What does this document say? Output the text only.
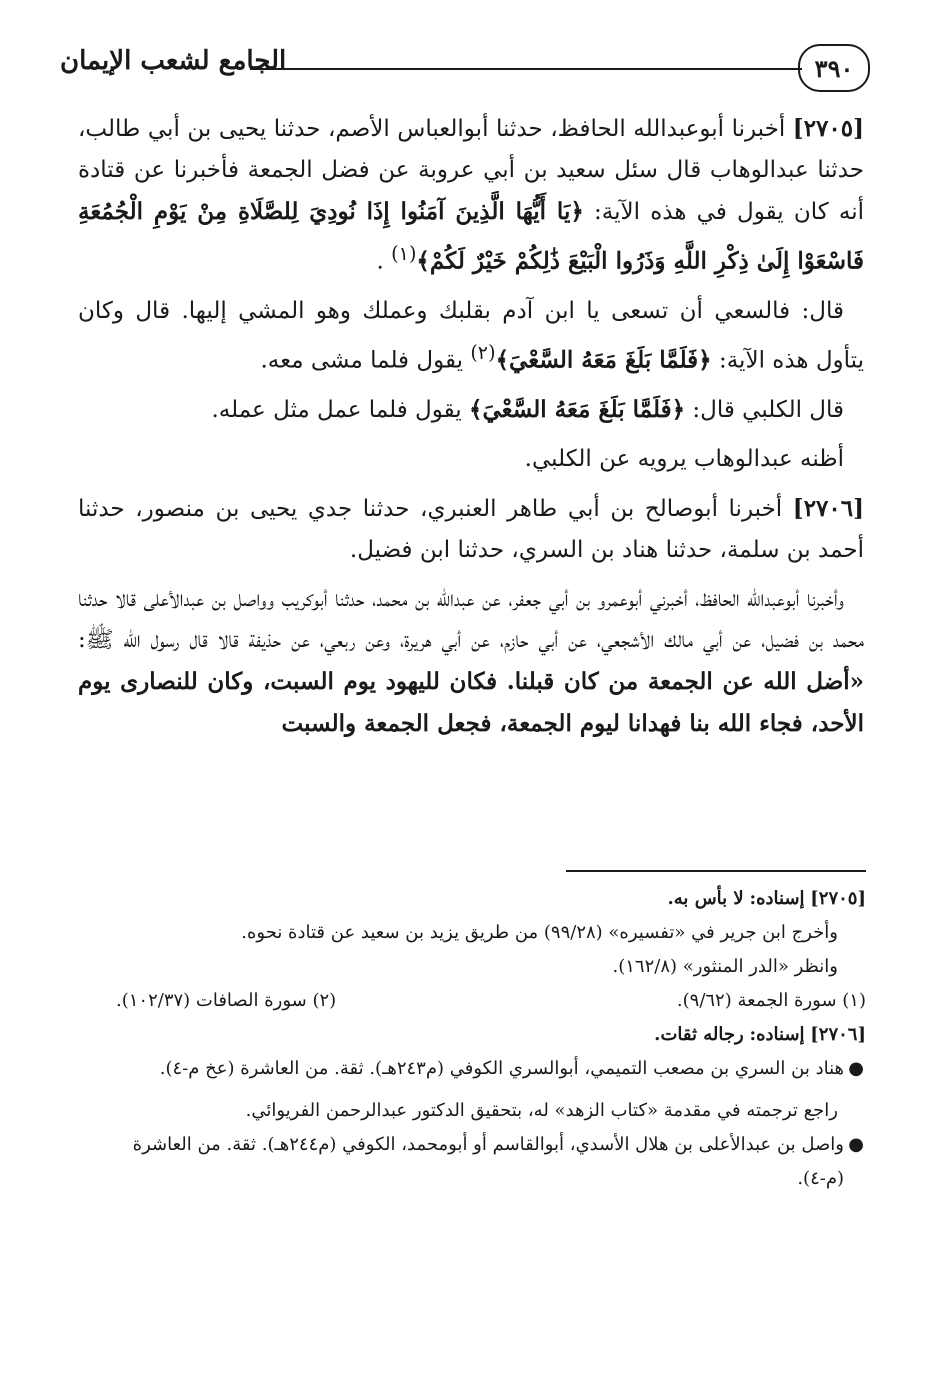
٣٩٠
الجامع لشعب الإيمان

[٢٧٠٥] أخبرنا أبوعبدالله الحافظ، حدثنا أبوالعباس الأصم، حدثنا يحيى بن أبي طالب، حدثنا عبدالوهاب قال سئل سعيد بن أبي عروبة عن فضل الجمعة فأخبرنا عن قتادة أنه كان يقول في هذه الآية: ﴿يَا أَيُّهَا الَّذِينَ آمَنُوا إِذَا نُودِيَ لِلصَّلَاةِ مِنْ يَوْمِ الْجُمُعَةِ فَاسْعَوْا إِلَىٰ ذِكْرِ اللَّهِ وَذَرُوا الْبَيْعَ ذَٰلِكُمْ خَيْرٌ لَكُمْ﴾$^{(١)}$ .

قال: فالسعي أن تسعى يا ابن آدم بقلبك وعملك وهو المشي إليها. قال وكان يتأول هذه الآية: ﴿فَلَمَّا بَلَغَ مَعَهُ السَّعْيَ﴾$^{(٢)}$ يقول فلما مشى معه.

قال الكلبي قال: ﴿فَلَمَّا بَلَغَ مَعَهُ السَّعْيَ﴾ يقول فلما عمل مثل عمله.

أظنه عبدالوهاب يرويه عن الكلبي.

[٢٧٠٦] أخبرنا أبوصالح بن أبي طاهر العنبري، حدثنا جدي يحيى بن منصور، حدثنا أحمد بن سلمة، حدثنا هناد بن السري، حدثنا ابن فضيل.

وأخبرنا أبوعبدالله الحافظ، أخبرني أبوعمرو بن أبي جعفر، عن عبدالله بن محمد، حدثنا أبوكريب وواصل بن عبدالأعلى قالا حدثنا محمد بن فضيل، عن أبي مالك الأشجعي، عن أبي حازم، عن أبي هريرة، وعن ربعي، عن حذيفة قالا قال رسول الله ﷺ: «أضل الله عن الجمعة من كان قبلنا. فكان لليهود يوم السبت، وكان للنصارى يوم الأحد، فجاء الله بنا فهدانا ليوم الجمعة، فجعل الجمعة والسبت

[٢٧٠٥] إسناده: لا بأس به.

وأخرج ابن جرير في «تفسيره» (٩٩/٢٨) من طريق يزيد بن سعيد عن قتادة نحوه.

وانظر «الدر المنثور» (١٦٢/٨).

(١) سورة الجمعة (٩/٦٢).
(٢) سورة الصافات (١٠٢/٣٧).

[٢٧٠٦] إسناده: رجاله ثقات.

●
هناد بن السري بن مصعب التميمي، أبوالسري الكوفي (م٢٤٣هـ). ثقة. من العاشرة (عخ م-٤).

راجع ترجمته في مقدمة «كتاب الزهد» له، بتحقيق الدكتور عبدالرحمن الفريوائي.

●
واصل بن عبدالأعلى بن هلال الأسدي، أبوالقاسم أو أبومحمد، الكوفي (م٢٤٤هـ). ثقة. من العاشرة (م-٤).
